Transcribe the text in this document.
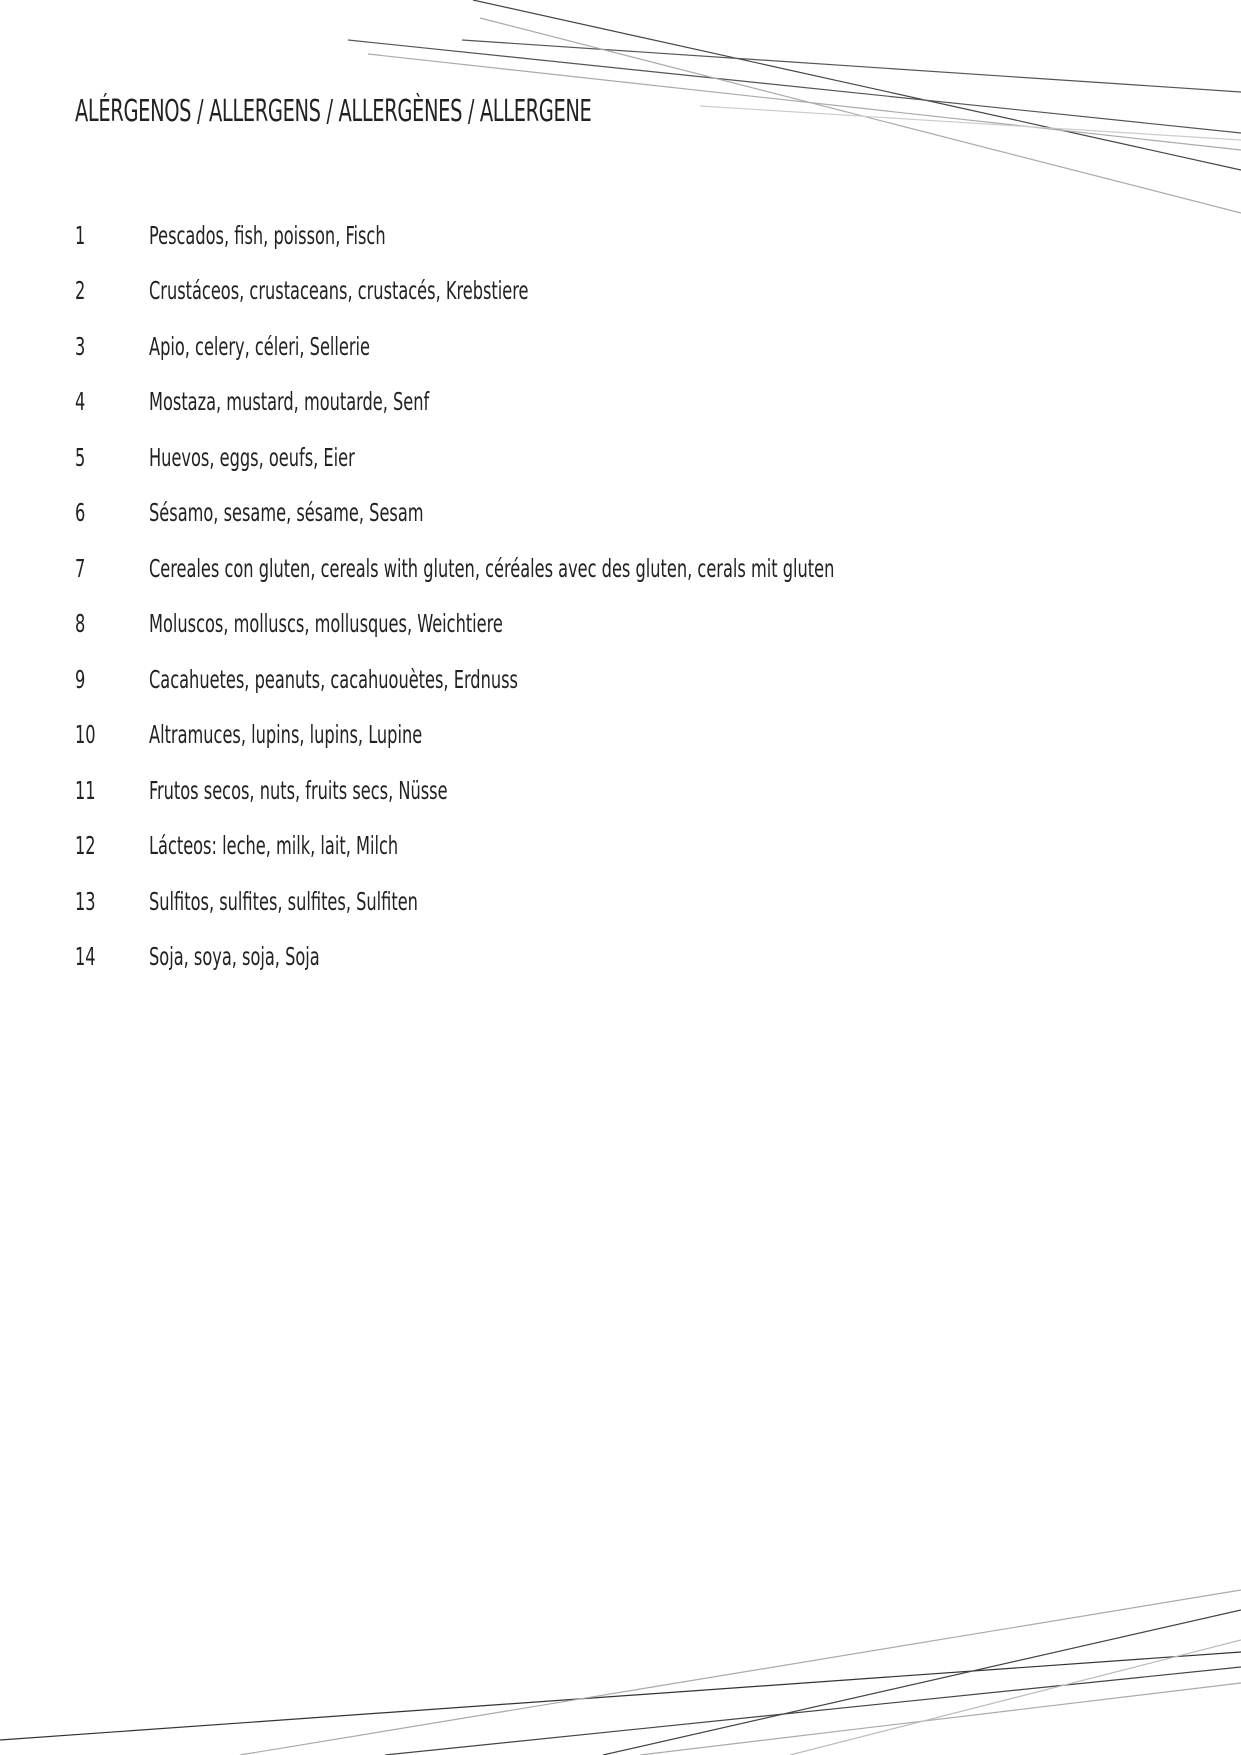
ALÉRGENOS / ALLERGENS / ALLERGÈNES / ALLERGENE
1	Pescados, fish, poisson, Fisch
2	Crustáceos, crustaceans, crustacés, Krebstiere
3	Apio, celery, céleri, Sellerie
4	Mostaza, mustard, moutarde, Senf
5	Huevos, eggs, oeufs, Eier
6	Sésamo, sesame, sésame, Sesam
7	Cereales con gluten, cereals with gluten, céréales avec des gluten, cerals mit gluten
8	Moluscos, molluscs, mollusques, Weichtiere
9	Cacahuetes, peanuts, cacahuouètes, Erdnuss
10 Altramuces, lupins, lupins, Lupine
11 Frutos secos, nuts, fruits secs, Nüsse
12 Lácteos: leche, milk, lait, Milch
13 Sulfitos, sulfites, sulfites, Sulfiten
14 Soja, soya, soja, Soja
